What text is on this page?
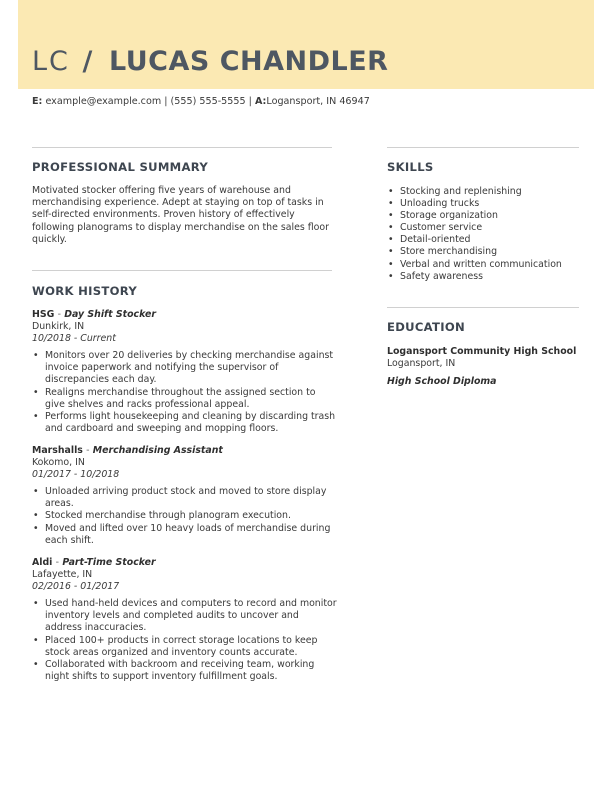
LC / LUCAS CHANDLER
E: example@example.com | (555) 555-5555 | A:Logansport, IN 46947
PROFESSIONAL SUMMARY

Motivated stocker offering five years of warehouse and merchandising experience. Adept at staying on top of tasks in self-directed environments. Proven history of effectively following planograms to display merchandise on the sales floor quickly.

WORK HISTORY
HSG - Day Shift Stocker
Dunkirk, IN
10/2018 - Current
• Monitors over 20 deliveries by checking merchandise against invoice paperwork and notifying the supervisor of discrepancies each day.
• Realigns merchandise throughout the assigned section to give shelves and racks professional appeal.
• Performs light housekeeping and cleaning by discarding trash and cardboard and sweeping and mopping floors.
Marshalls - Merchandising Assistant
Kokomo, IN
01/2017 - 10/2018
• Unloaded arriving product stock and moved to store display areas.
• Stocked merchandise through planogram execution.
• Moved and lifted over 10 heavy loads of merchandise during each shift.
Aldi - Part-Time Stocker
Lafayette, IN
02/2016 - 01/2017
• Used hand-held devices and computers to record and monitor inventory levels and completed audits to uncover and address inaccuracies.
• Placed 100+ products in correct storage locations to keep stock areas organized and inventory counts accurate.
• Collaborated with backroom and receiving team, working night shifts to support inventory fulfillment goals.
SKILLS
• Stocking and replenishing
• Unloading trucks
• Storage organization
• Customer service
• Detail-oriented
• Store merchandising
• Verbal and written communication
• Safety awareness
EDUCATION
Logansport Community High School
Logansport, IN
High School Diploma
